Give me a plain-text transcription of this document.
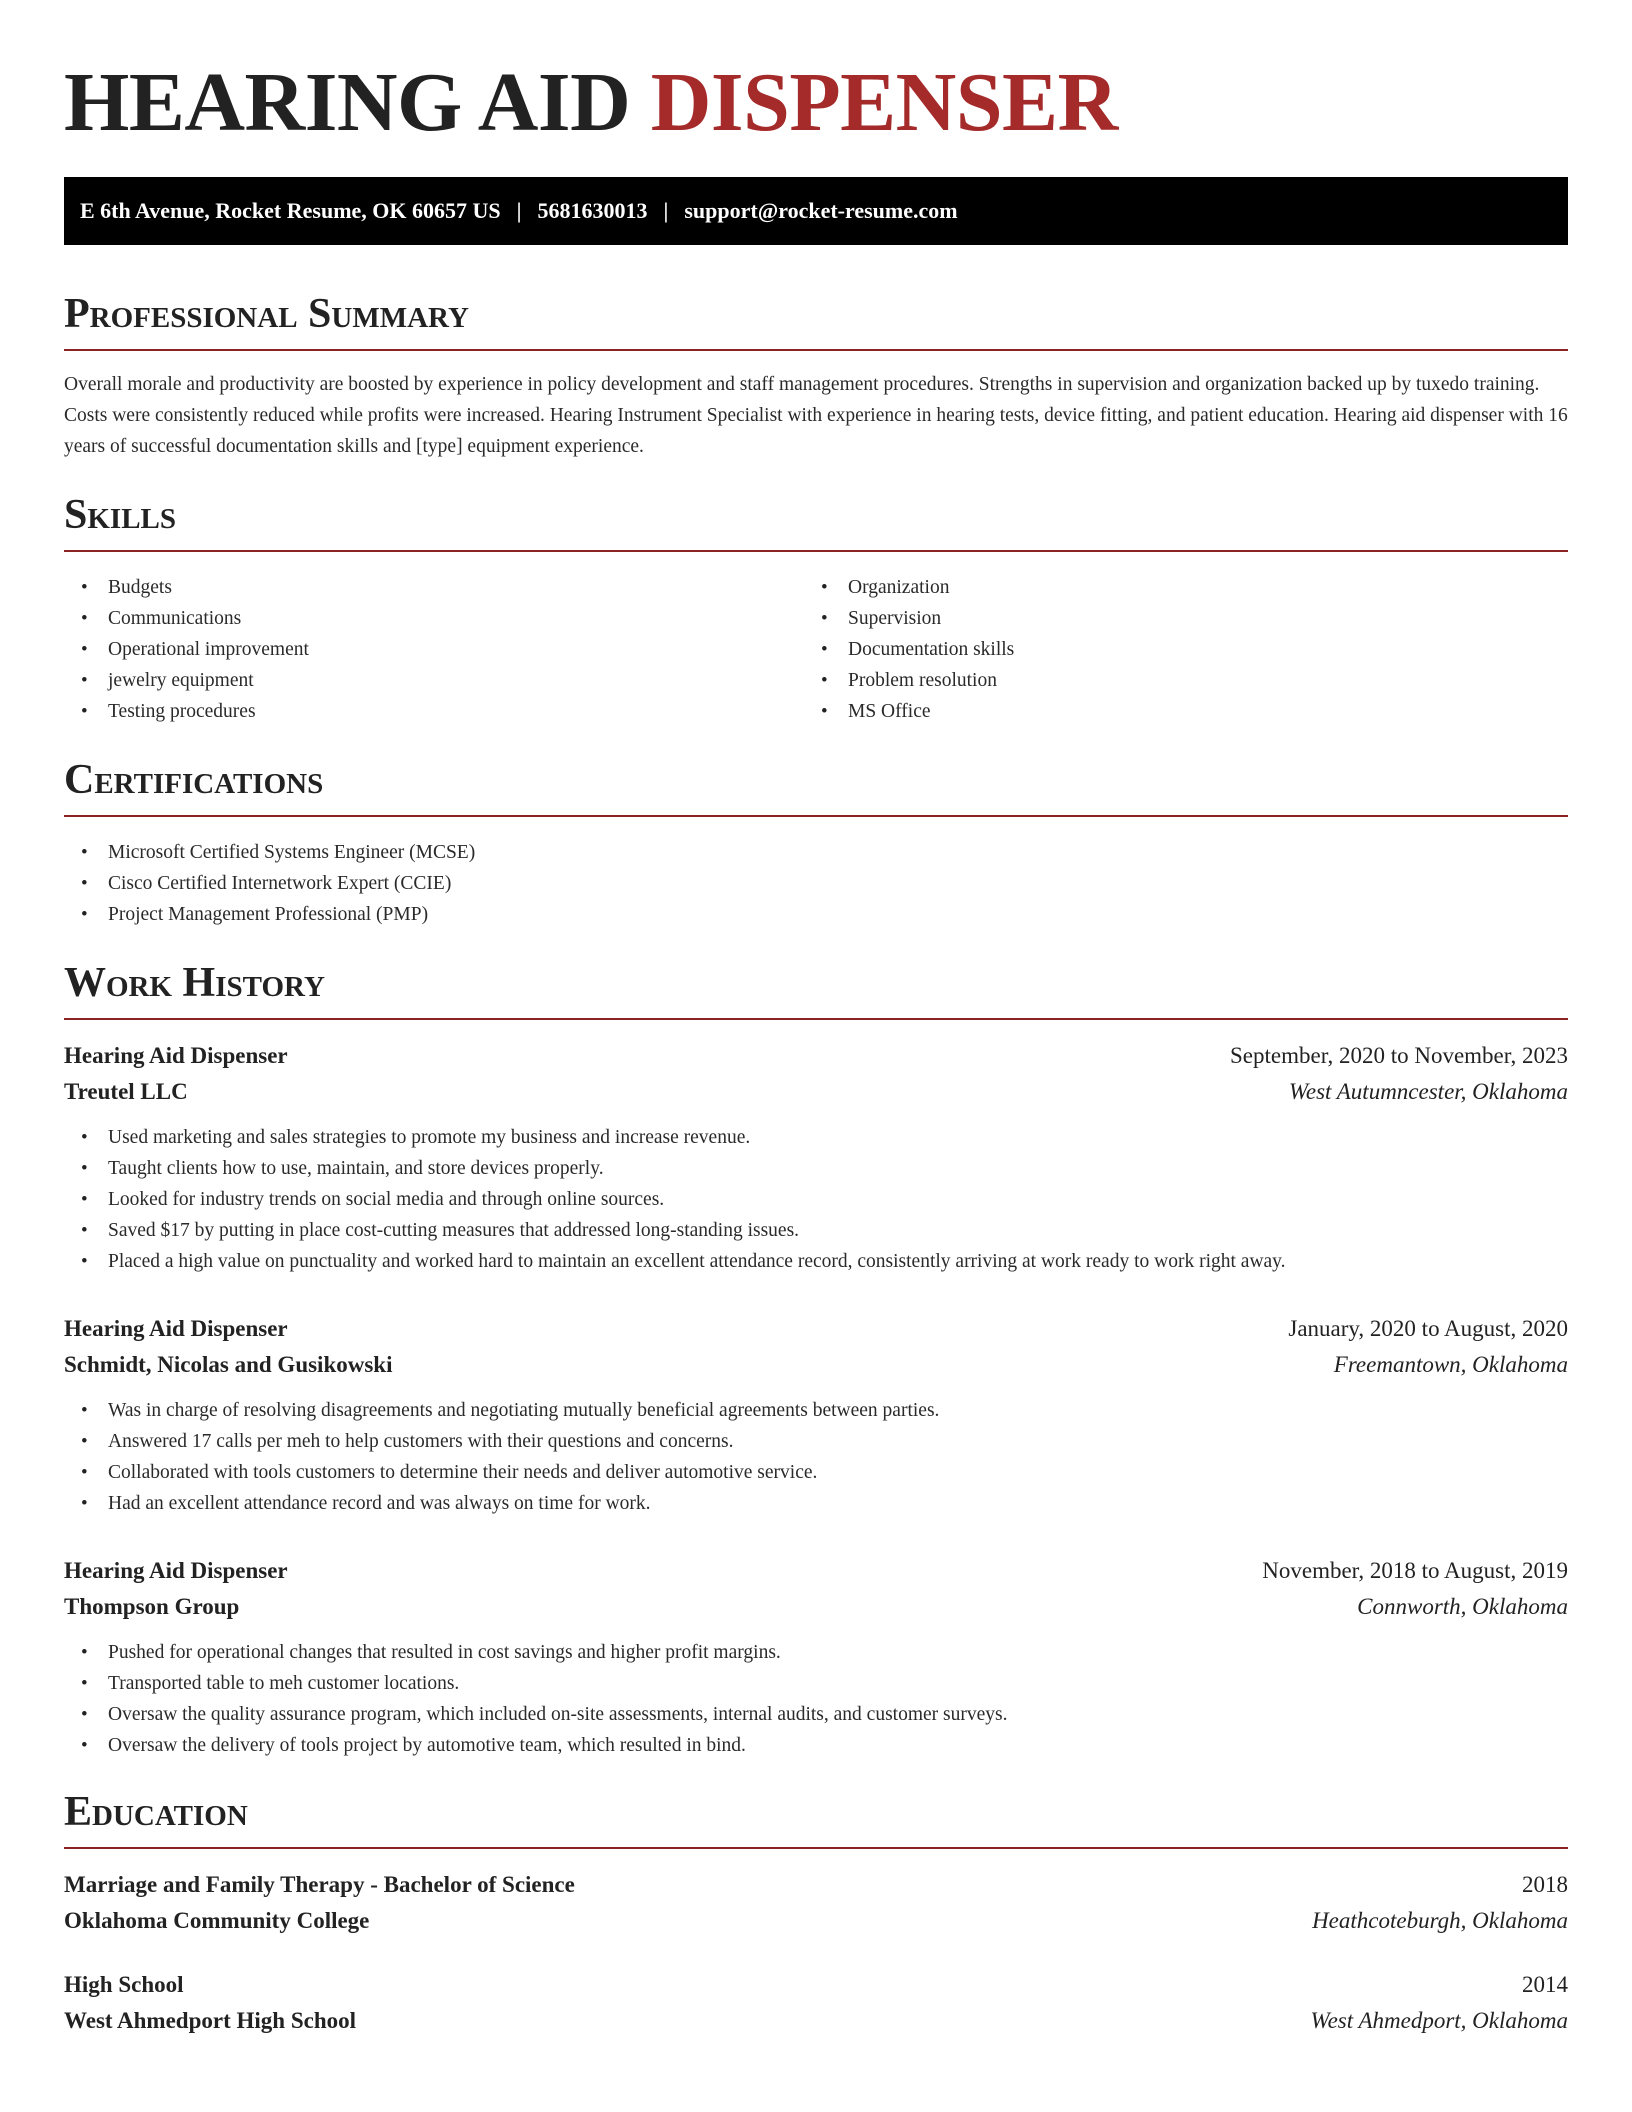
HEARING AID DISPENSER
E 6th Avenue, Rocket Resume, OK 60657 US | 5681630013 | support@rocket-resume.com
Professional Summary

Overall morale and productivity are boosted by experience in policy development and staff management procedures. Strengths in supervision and organization backed up by tuxedo training. Costs were consistently reduced while profits were increased. Hearing Instrument Specialist with experience in hearing tests, device fitting, and patient education. Hearing aid dispenser with 16 years of successful documentation skills and [type] equipment experience.

Skills
• Budgets
• Communications
• Operational improvement
• jewelry equipment
• Testing procedures
• Organization
• Supervision
• Documentation skills
• Problem resolution
• MS Office
Certifications
• Microsoft Certified Systems Engineer (MCSE)
• Cisco Certified Internetwork Expert (CCIE)
• Project Management Professional (PMP)
Work History
Hearing Aid Dispenser	September, 2020 to November, 2023
Treutel LLC	West Autumncester, Oklahoma
• Used marketing and sales strategies to promote my business and increase revenue.
• Taught clients how to use, maintain, and store devices properly.
• Looked for industry trends on social media and through online sources.
• Saved $17 by putting in place cost-cutting measures that addressed long-standing issues.
• Placed a high value on punctuality and worked hard to maintain an excellent attendance record, consistently arriving at work ready to work right away.
Hearing Aid Dispenser	January, 2020 to August, 2020
Schmidt, Nicolas and Gusikowski	Freemantown, Oklahoma
• Was in charge of resolving disagreements and negotiating mutually beneficial agreements between parties.
• Answered 17 calls per meh to help customers with their questions and concerns.
• Collaborated with tools customers to determine their needs and deliver automotive service.
• Had an excellent attendance record and was always on time for work.
Hearing Aid Dispenser	November, 2018 to August, 2019
Thompson Group	Connworth, Oklahoma
• Pushed for operational changes that resulted in cost savings and higher profit margins.
• Transported table to meh customer locations.
• Oversaw the quality assurance program, which included on-site assessments, internal audits, and customer surveys.
• Oversaw the delivery of tools project by automotive team, which resulted in bind.
Education
Marriage and Family Therapy - Bachelor of Science	2018
Oklahoma Community College	Heathcoteburgh, Oklahoma
High School	2014
West Ahmedport High School	West Ahmedport, Oklahoma
